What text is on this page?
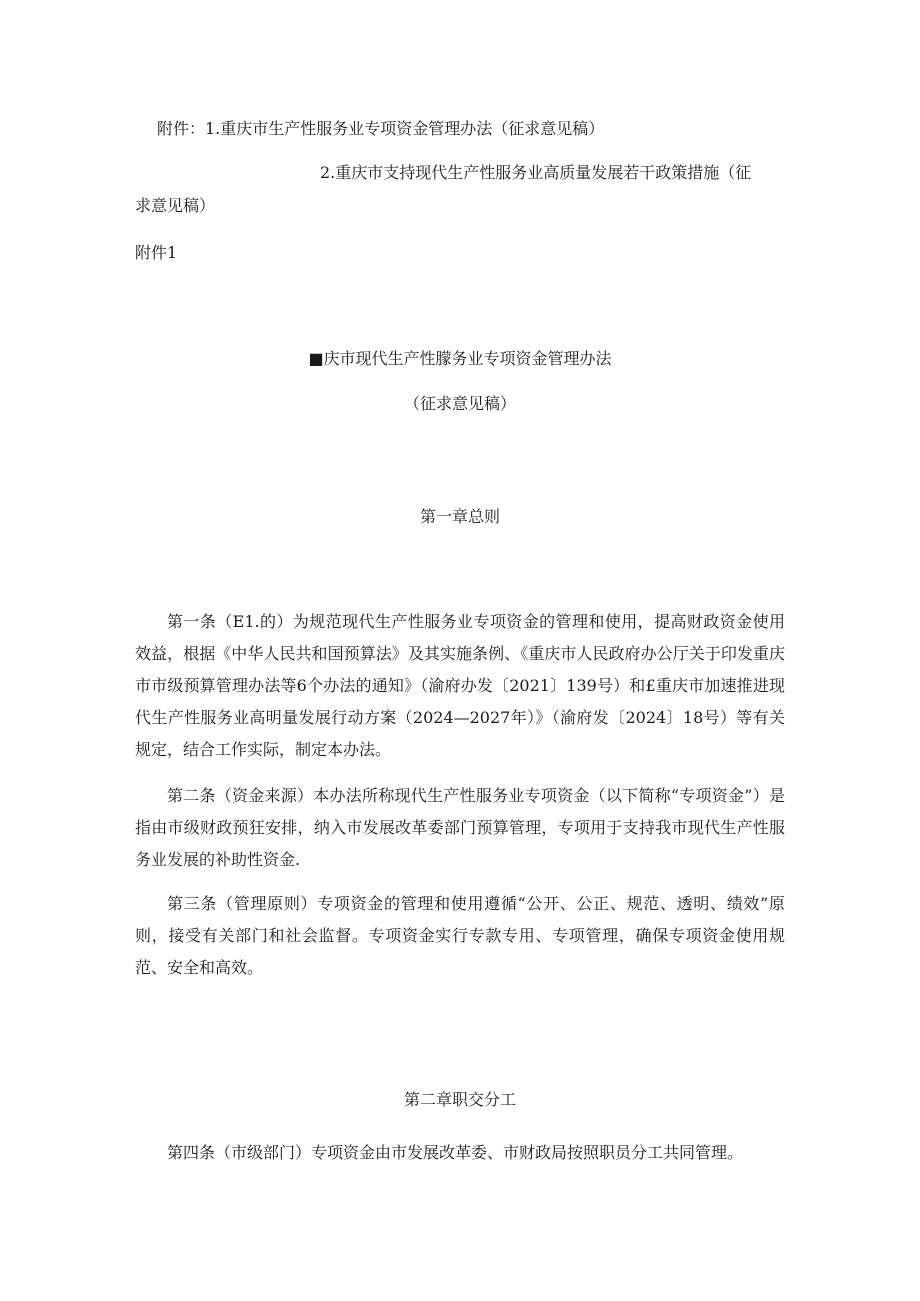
附件：1.重庆市生产性服务业专项资金管理办法（征求意见稿）
2.重庆市支持现代生产性服务业高质量发展若干政策措施（征
求意见稿）
附件1
■庆市现代生产性朦务业专项资金管理办法
（征求意见稿）
第一章总则

第一条（E1.的）为规范现代生产性服务业专项资金的管理和使用，提高财政资金使用效益，根据《中华人民共和国预算法》及其实施条例、《重庆市人民政府办公厅关于印发重庆市市级预算管理办法等6个办法的通知》（渝府办发〔2021〕139号）和£重庆市加速推进现代生产性服务业高明量发展行动方案（2024—2027年）》（渝府发〔2024〕18号）等有关规定，结合工作实际，制定本办法。

第二条（资金来源）本办法所称现代生产性服务业专项资金（以下简称“专项资金”）是指由市级财政预狂安排，纳入市发展改革委部门预算管理，专项用于支持我市现代生产性服务业发展的补助性资金.

第三条（管理原则）专项资金的管理和使用遵循“公开、公正、规范、透明、绩效”原则，接受有关部门和社会监督。专项资金实行专款专用、专项管理，确保专项资金使用规范、安全和高效。

第二章职交分工

第四条（市级部门）专项资金由市发展改革委、市财政局按照职员分工共同管理。
